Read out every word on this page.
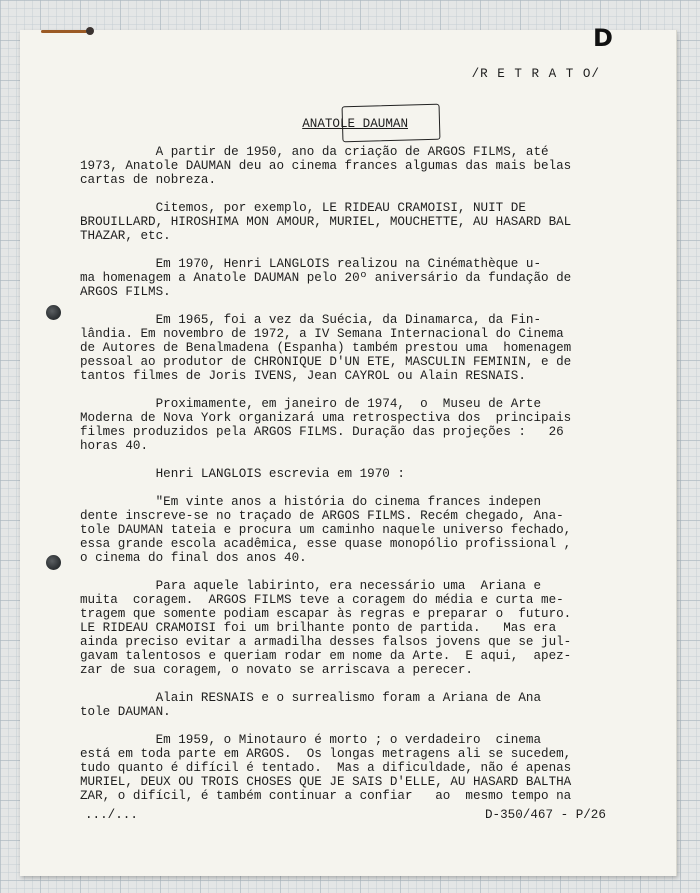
D
/R E T R A T O/

ANATOLE DAUMAN

A partir de 1950, ano da criação de ARGOS FILMS, até
1973, Anatole DAUMAN deu ao cinema frances algumas das mais belas
cartas de nobreza.
Citemos, por exemplo, LE RIDEAU CRAMOISI, NUIT DE
BROUILLARD, HIROSHIMA MON AMOUR, MURIEL, MOUCHETTE, AU HASARD BAL
THAZAR, etc.
Em 1970, Henri LANGLOIS realizou na Cinémathèque u-
ma homenagem a Anatole DAUMAN pelo 20º aniversário da fundação de
ARGOS FILMS.
Em 1965, foi a vez da Suécia, da Dinamarca, da Fin-
lândia. Em novembro de 1972, a IV Semana Internacional do Cinema
de Autores de Benalmadena (Espanha) também prestou uma  homenagem
pessoal ao produtor de CHRONIQUE D'UN ETE, MASCULIN FEMININ, e de
tantos filmes de Joris IVENS, Jean CAYROL ou Alain RESNAIS.
Proximamente, em janeiro de 1974,  o  Museu de Arte
Moderna de Nova York organizará uma retrospectiva dos  principais
filmes produzidos pela ARGOS FILMS. Duração das projeções :   26
horas 40.
Henri LANGLOIS escrevia em 1970 :
"Em vinte anos a história do cinema frances indepen
dente inscreve-se no traçado de ARGOS FILMS. Recém chegado, Ana-
tole DAUMAN tateia e procura um caminho naquele universo fechado,
essa grande escola acadêmica, esse quase monopólio profissional ,
o cinema do final dos anos 40.
Para aquele labirinto, era necessário uma  Ariana e
muita  coragem.  ARGOS FILMS teve a coragem do média e curta me-
tragem que somente podiam escapar às regras e preparar o  futuro.
LE RIDEAU CRAMOISI foi um brilhante ponto de partida.   Mas era
ainda preciso evitar a armadilha desses falsos jovens que se jul-
gavam talentosos e queriam rodar em nome da Arte.  E aqui,  apez-
zar de sua coragem, o novato se arriscava a perecer.
Alain RESNAIS e o surrealismo foram a Ariana de Ana
tole DAUMAN.
Em 1959, o Minotauro é morto ; o verdadeiro  cinema
está em toda parte em ARGOS.  Os longas metragens ali se sucedem,
tudo quanto é difícil é tentado.  Mas a dificuldade, não é apenas
MURIEL, DEUX OU TROIS CHOSES QUE JE SAIS D'ELLE, AU HASARD BALTHA
ZAR, o difícil, é também continuar a confiar   ao  mesmo tempo na
.../...	D-350/467 - P/26
